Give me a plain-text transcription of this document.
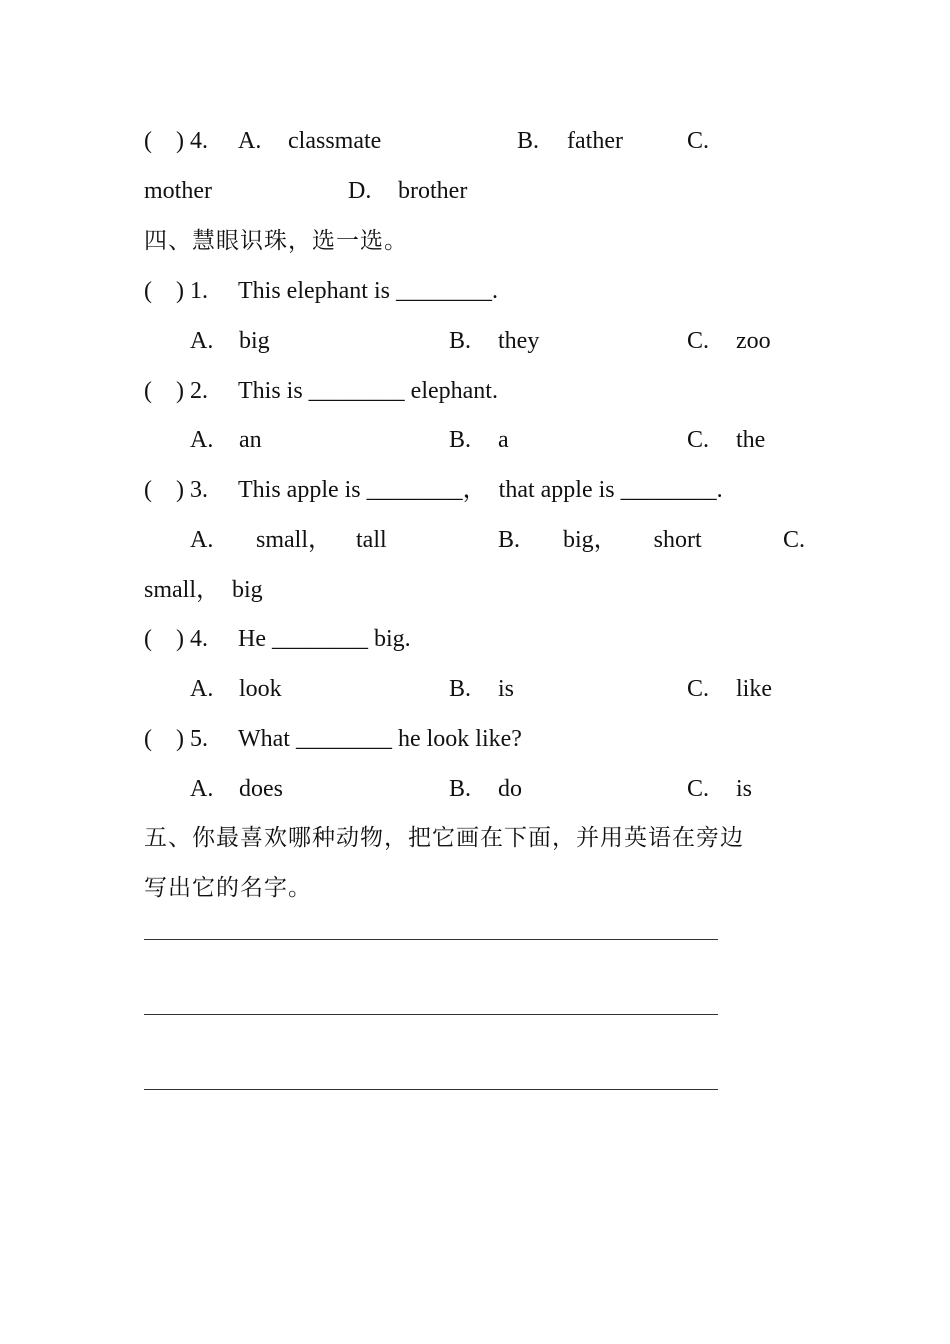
(    ) 4. A. classmate	B. father	C.
mother	D. brother
四、慧眼识珠，选一选。
(    ) 1. This elephant is ________.
A. big	B. they	C. zoo
(    ) 2. This is ________ elephant.
A. an	B. a	C. the
(    ) 3. This apple is ________，  that apple is ________.
A. small，    tall	B. big，      short	C.
small，  big
(    ) 4. He ________ big.
A. look	B. is	C. like
(    ) 5. What ________ he look like?
A. does	B. do	C. is
五、你最喜欢哪种动物，把它画在下面，并用英语在旁边
写出它的名字。
